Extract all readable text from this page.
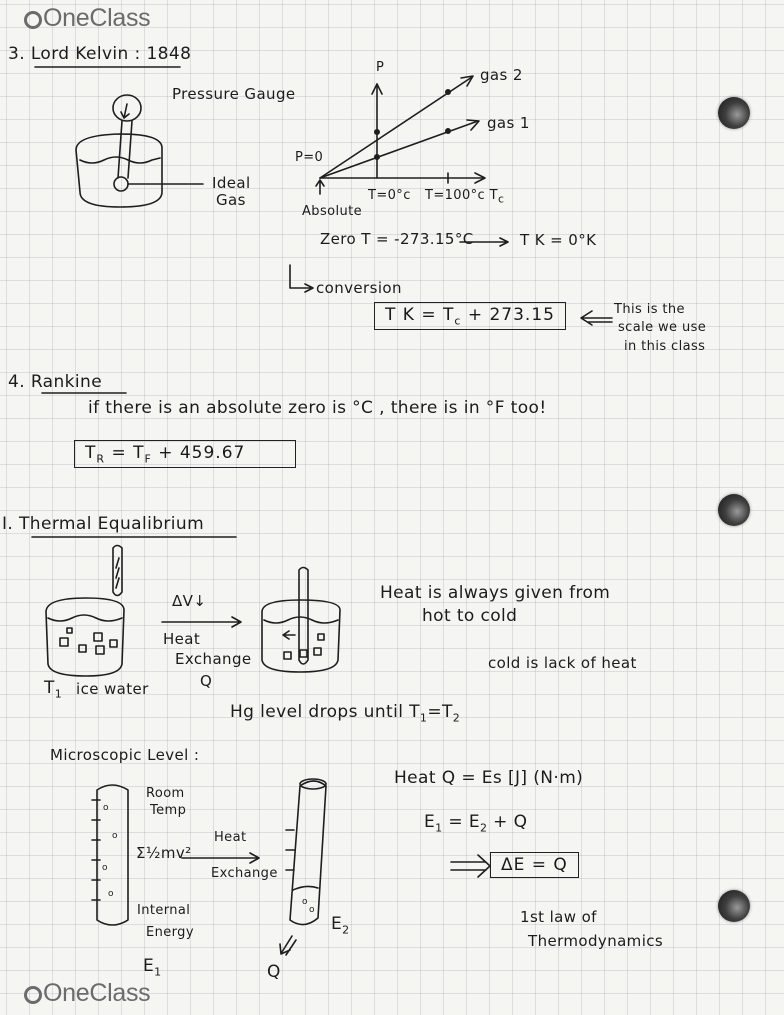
OneClass
OneClass
o
o
o
o
o
o
3. Lord Kelvin : 1848
Pressure Gauge
Ideal
Gas
P	gas 2
gas 1
P=0
T=0°c T=100°c $T_c$
Absolute
Zero T = -273.15°C	T K = 0°K
conversion
T $K = T_c + 273.15$	This is the
scale we use
in this class
4. Rankine
if there is an absolute zero is °C , there is in °F too!
$T_R = T_F + 459.67$
I. Thermal Equalibrium
ΔV↓
Heat
Exchange
Q
$T_1$ ice water
Heat is always given from
hot to cold
cold is lack of heat
Hg level drops until $T_1=T_2$
Microscopic Level :
Room
Temp
Σ½mv²
Heat
Exchange
Internal
Energy
$E_1$
$E_2$
Q
Heat Q = Es [J] (N·m)
$E_1 = E_2 + Q$
ΔE = Q
1st law of
Thermodynamics
